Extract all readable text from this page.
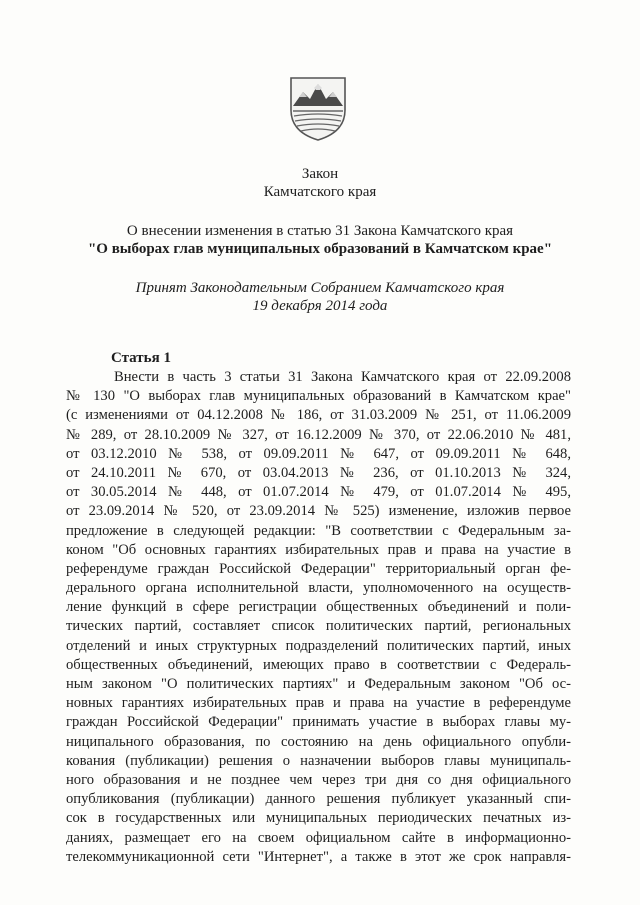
Закон
Камчатского края
О внесении изменения в статью 31 Закона Камчатского края
"О выборах глав муниципальных образований в Камчатском крае"
Принят Законодательным Собранием Камчатского края
19 декабря 2014 года
Статья 1
Внести в часть 3 статьи 31 Закона Камчатского края от 22.09.2008
№ 130 "О выборах глав муниципальных образований в Камчатском крае"
(с изменениями от 04.12.2008 № 186, от 31.03.2009 № 251, от 11.06.2009
№ 289, от 28.10.2009 № 327, от 16.12.2009 № 370, от 22.06.2010 № 481,
от 03.12.2010 № 538, от 09.09.2011 № 647, от 09.09.2011 № 648,
от 24.10.2011 № 670, от 03.04.2013 № 236, от 01.10.2013 № 324,
от 30.05.2014 № 448, от 01.07.2014 № 479, от 01.07.2014 № 495,
от 23.09.2014 № 520, от 23.09.2014 № 525) изменение, изложив первое
предложение в следующей редакции: "В соответствии с Федеральным за-
коном "Об основных гарантиях избирательных прав и права на участие в
референдуме граждан Российской Федерации" территориальный орган фе-
дерального органа исполнительной власти, уполномоченного на осуществ-
ление функций в сфере регистрации общественных объединений и поли-
тических партий, составляет список политических партий, региональных
отделений и иных структурных подразделений политических партий, иных
общественных объединений, имеющих право в соответствии с Федераль-
ным законом "О политических партиях" и Федеральным законом "Об ос-
новных гарантиях избирательных прав и права на участие в референдуме
граждан Российской Федерации" принимать участие в выборах главы му-
ниципального образования, по состоянию на день официального опубли-
кования (публикации) решения о назначении выборов главы муниципаль-
ного образования и не позднее чем через три дня со дня официального
опубликования (публикации) данного решения публикует указанный спи-
сок в государственных или муниципальных периодических печатных из-
даниях, размещает его на своем официальном сайте в информационно-
телекоммуникационной сети "Интернет", а также в этот же срок направля-
